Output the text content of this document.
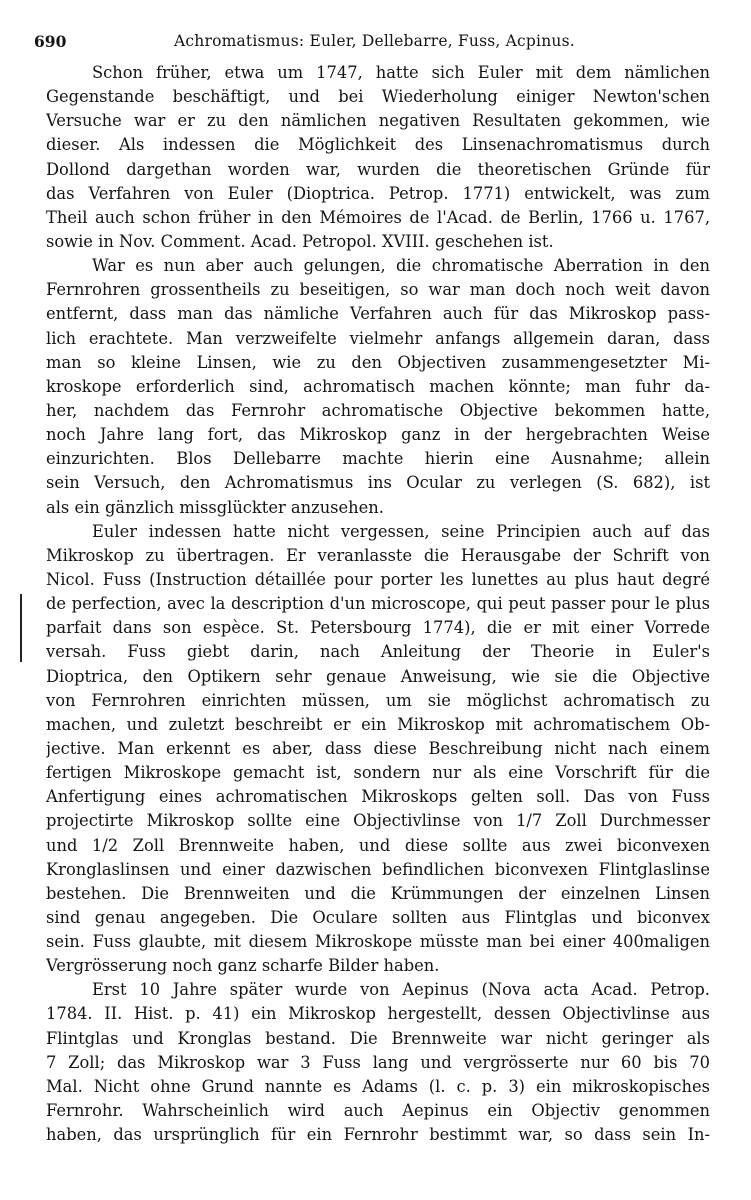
690	Achromatismus: Euler, Dellebarre, Fuss, Acpinus.
Schon früher, etwa um 1747, hatte sich Euler mit dem nämlichen
Gegenstande beschäftigt, und bei Wiederholung einiger Newton'schen
Versuche war er zu den nämlichen negativen Resultaten gekommen, wie
dieser. Als indessen die Möglichkeit des Linsenachromatismus durch
Dollond dargethan worden war, wurden die theoretischen Gründe für
das Verfahren von Euler (Dioptrica. Petrop. 1771) entwickelt, was zum
Theil auch schon früher in den Mémoires de l'Acad. de Berlin, 1766 u. 1767,
sowie in Nov. Comment. Acad. Petropol. XVIII. geschehen ist.
War es nun aber auch gelungen, die chromatische Aberration in den
Fernrohren grossentheils zu beseitigen, so war man doch noch weit davon
entfernt, dass man das nämliche Verfahren auch für das Mikroskop pass-
lich erachtete. Man verzweifelte vielmehr anfangs allgemein daran, dass
man so kleine Linsen, wie zu den Objectiven zusammengesetzter Mi-
kroskope erforderlich sind, achromatisch machen könnte; man fuhr da-
her, nachdem das Fernrohr achromatische Objective bekommen hatte,
noch Jahre lang fort, das Mikroskop ganz in der hergebrachten Weise
einzurichten. Blos Dellebarre machte hierin eine Ausnahme; allein
sein Versuch, den Achromatismus ins Ocular zu verlegen (S. 682), ist
als ein gänzlich missglückter anzusehen.
Euler indessen hatte nicht vergessen, seine Principien auch auf das
Mikroskop zu übertragen. Er veranlasste die Herausgabe der Schrift von
Nicol. Fuss (Instruction détaillée pour porter les lunettes au plus haut degré
de perfection, avec la description d'un microscope, qui peut passer pour le plus
parfait dans son espèce. St. Petersbourg 1774), die er mit einer Vorrede
versah. Fuss giebt darin, nach Anleitung der Theorie in Euler's
Dioptrica, den Optikern sehr genaue Anweisung, wie sie die Objective
von Fernrohren einrichten müssen, um sie möglichst achromatisch zu
machen, und zuletzt beschreibt er ein Mikroskop mit achromatischem Ob-
jective. Man erkennt es aber, dass diese Beschreibung nicht nach einem
fertigen Mikroskope gemacht ist, sondern nur als eine Vorschrift für die
Anfertigung eines achromatischen Mikroskops gelten soll. Das von Fuss
projectirte Mikroskop sollte eine Objectivlinse von 1/7 Zoll Durchmesser
und 1/2 Zoll Brennweite haben, und diese sollte aus zwei biconvexen
Kronglaslinsen und einer dazwischen befindlichen biconvexen Flintglaslinse
bestehen. Die Brennweiten und die Krümmungen der einzelnen Linsen
sind genau angegeben. Die Oculare sollten aus Flintglas und biconvex
sein. Fuss glaubte, mit diesem Mikroskope müsste man bei einer 400maligen
Vergrösserung noch ganz scharfe Bilder haben.
Erst 10 Jahre später wurde von Aepinus (Nova acta Acad. Petrop.
1784. II. Hist. p. 41) ein Mikroskop hergestellt, dessen Objectivlinse aus
Flintglas und Kronglas bestand. Die Brennweite war nicht geringer als
7 Zoll; das Mikroskop war 3 Fuss lang und vergrösserte nur 60 bis 70
Mal. Nicht ohne Grund nannte es Adams (l. c. p. 3) ein mikroskopisches
Fernrohr. Wahrscheinlich wird auch Aepinus ein Objectiv genommen
haben, das ursprünglich für ein Fernrohr bestimmt war, so dass sein In-
